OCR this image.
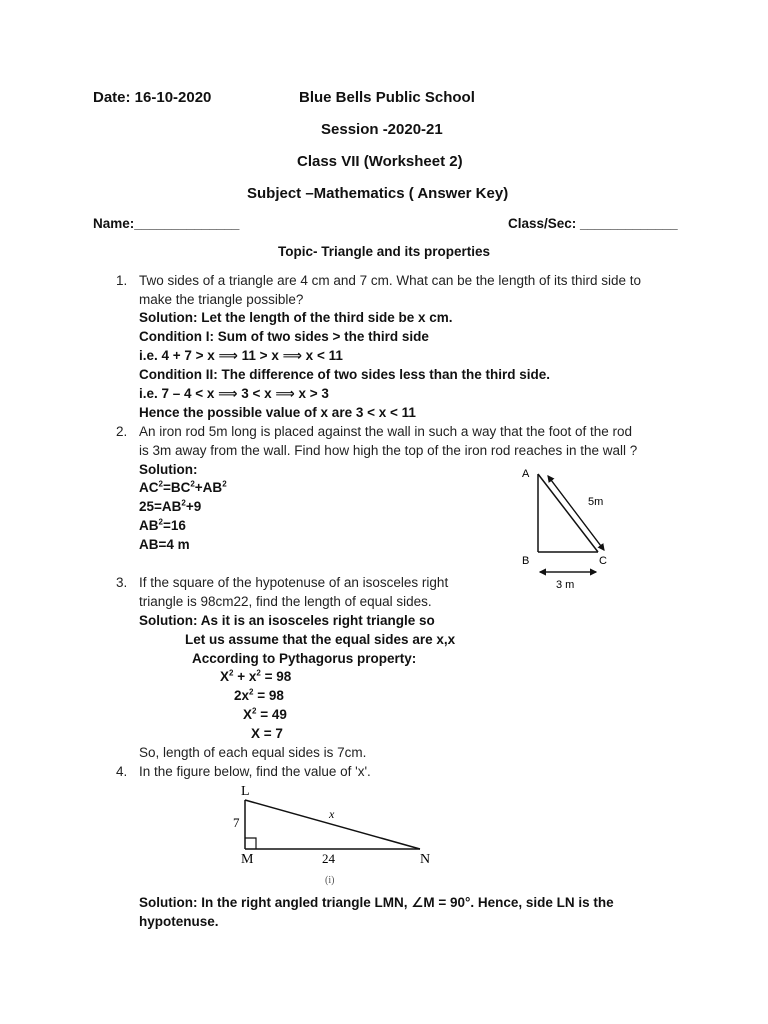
Date: 16-10-2020	Blue Bells Public School
Session -2020-21
Class VII (Worksheet 2)
Subject –Mathematics ( Answer Key)
Name:______________	Class/Sec: _____________
Topic- Triangle and its properties
1. Two sides of a triangle are 4 cm and 7 cm. What can be the length of its third side to
make the triangle possible?
Solution: Let the length of the third side be x cm.
Condition I: Sum of two sides > the third side
i.e. 4 + 7 > x ⟹ 11 > x ⟹ x < 11
Condition II: The difference of two sides less than the third side.
i.e. 7 – 4 < x ⟹ 3 < x ⟹ x > 3
Hence the possible value of x are 3 < x < 11
2. An iron rod 5m long is placed against the wall in such a way that the foot of the rod
is 3m away from the wall. Find how high the top of the iron rod reaches in the wall ?
Solution:
$AC^2=BC^2+AB^2$
$25=AB^2+9$
$AB^2=16$
AB=4 m
A
B	C
5m
3 m
3. If the square of the hypotenuse of an isosceles right
triangle is 98cm22, find the length of equal sides.
Solution: As it is an isosceles right triangle so
Let us assume that the equal sides are x,x
According to Pythagorus property:
$X^2 + x^2 = 98$
$2x^2 = 98$
$X^2 = 49$
X = 7
So, length of each equal sides is 7cm.
4. In the figure below, find the value of 'x'.
L
M	N
7
24
x
(i)
Solution: In the right angled triangle LMN, ∠M = 90°. Hence, side LN is the
hypotenuse.
